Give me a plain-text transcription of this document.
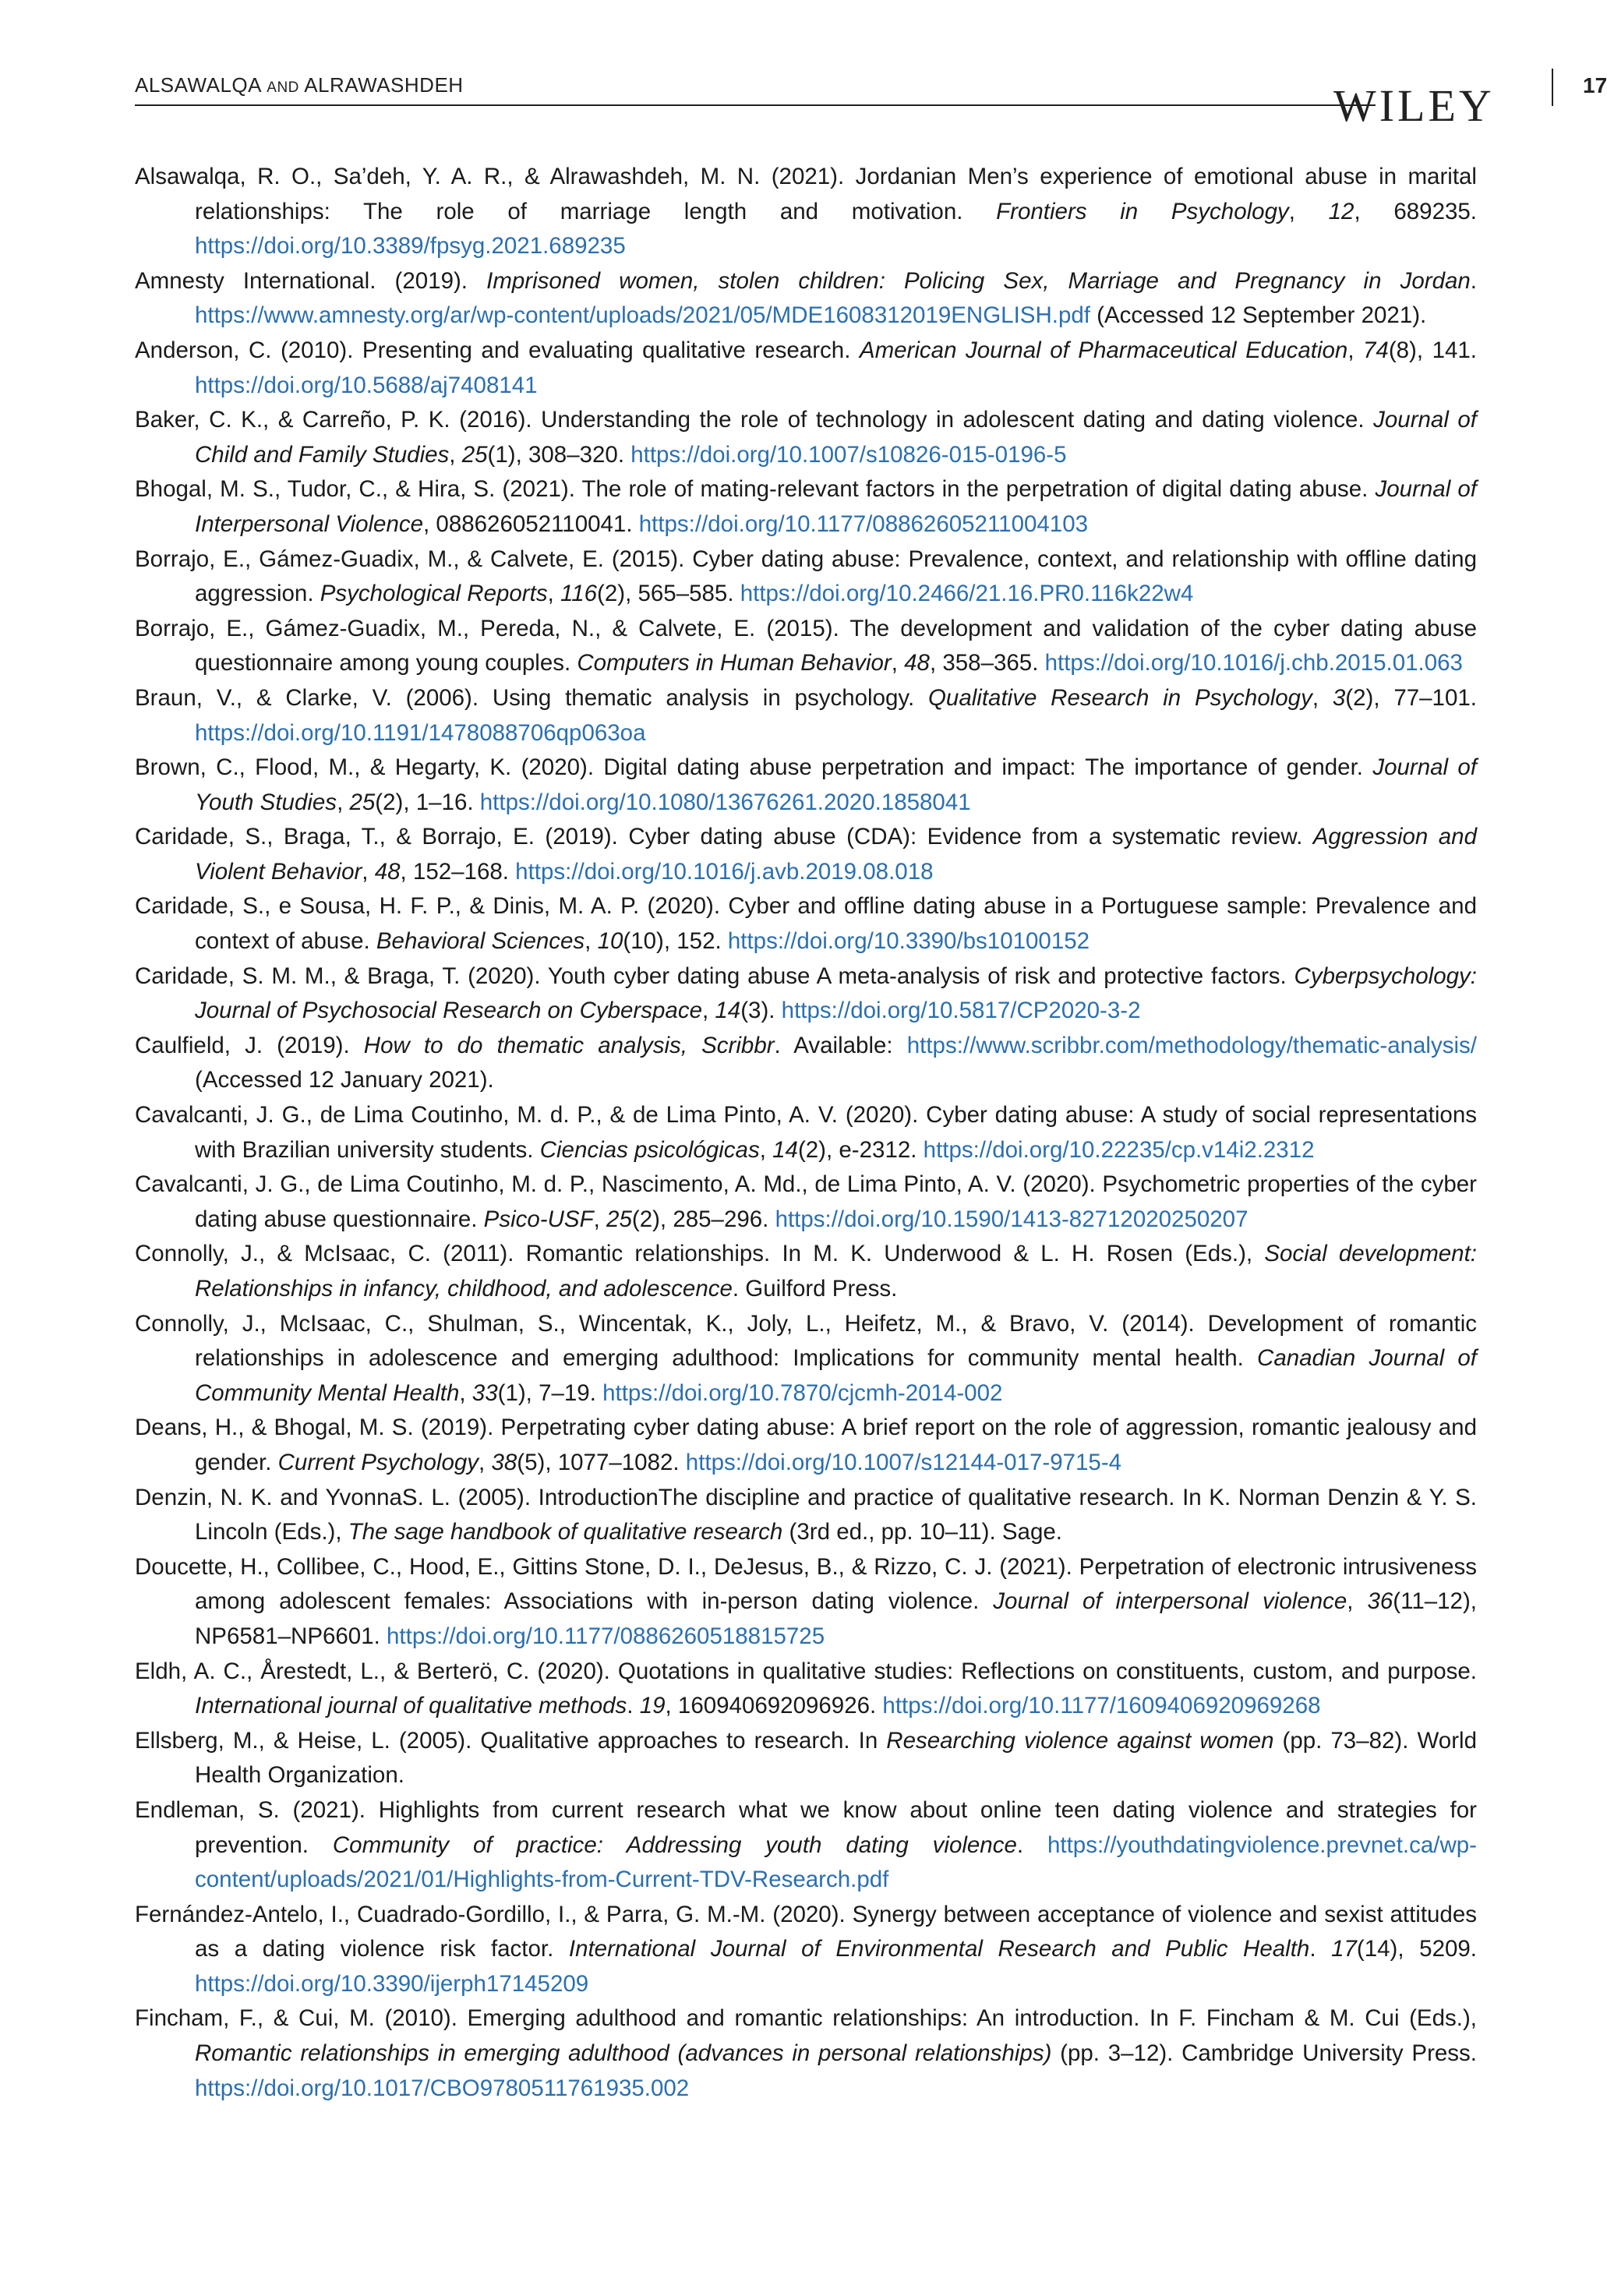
ALSAWALQA AND ALRAWASHDEH	WILEY	17
Alsawalqa, R. O., Sa’deh, Y. A. R., & Alrawashdeh, M. N. (2021). Jordanian Men’s experience of emotional abuse in marital relationships: The role of marriage length and motivation. Frontiers in Psychology, 12, 689235. https://doi.org/10.3389/fpsyg.2021.689235
Amnesty International. (2019). Imprisoned women, stolen children: Policing Sex, Marriage and Pregnancy in Jordan. https://www.amnesty.org/ar/wp-content/uploads/2021/05/MDE1608312019ENGLISH.pdf (Accessed 12 September 2021).
Anderson, C. (2010). Presenting and evaluating qualitative research. American Journal of Pharmaceutical Education, 74(8), 141. https://doi.org/10.5688/aj7408141
Baker, C. K., & Carreño, P. K. (2016). Understanding the role of technology in adolescent dating and dating violence. Journal of Child and Family Studies, 25(1), 308–320. https://doi.org/10.1007/s10826-015-0196-5
Bhogal, M. S., Tudor, C., & Hira, S. (2021). The role of mating-relevant factors in the perpetration of digital dating abuse. Journal of Interpersonal Violence, 088626052110041. https://doi.org/10.1177/08862605211004103
Borrajo, E., Gámez-Guadix, M., & Calvete, E. (2015). Cyber dating abuse: Prevalence, context, and relationship with offline dating aggression. Psychological Reports, 116(2), 565–585. https://doi.org/10.2466/21.16.PR0.116k22w4
Borrajo, E., Gámez-Guadix, M., Pereda, N., & Calvete, E. (2015). The development and validation of the cyber dating abuse questionnaire among young couples. Computers in Human Behavior, 48, 358–365. https://doi.org/10.1016/j.chb.2015.01.063
Braun, V., & Clarke, V. (2006). Using thematic analysis in psychology. Qualitative Research in Psychology, 3(2), 77–101. https://doi.org/10.1191/1478088706qp063oa
Brown, C., Flood, M., & Hegarty, K. (2020). Digital dating abuse perpetration and impact: The importance of gender. Journal of Youth Studies, 25(2), 1–16. https://doi.org/10.1080/13676261.2020.1858041
Caridade, S., Braga, T., & Borrajo, E. (2019). Cyber dating abuse (CDA): Evidence from a systematic review. Aggression and Violent Behavior, 48, 152–168. https://doi.org/10.1016/j.avb.2019.08.018
Caridade, S., e Sousa, H. F. P., & Dinis, M. A. P. (2020). Cyber and offline dating abuse in a Portuguese sample: Prevalence and context of abuse. Behavioral Sciences, 10(10), 152. https://doi.org/10.3390/bs10100152
Caridade, S. M. M., & Braga, T. (2020). Youth cyber dating abuse A meta-analysis of risk and protective factors. Cyberpsychology: Journal of Psychosocial Research on Cyberspace, 14(3). https://doi.org/10.5817/CP2020-3-2
Caulfield, J. (2019). How to do thematic analysis, Scribbr. Available: https://www.scribbr.com/methodology/thematic-analysis/ (Accessed 12 January 2021).
Cavalcanti, J. G., de Lima Coutinho, M. d. P., & de Lima Pinto, A. V. (2020). Cyber dating abuse: A study of social representations with Brazilian university students. Ciencias psicológicas, 14(2), e-2312. https://doi.org/10.22235/cp.v14i2.2312
Cavalcanti, J. G., de Lima Coutinho, M. d. P., Nascimento, A. Md., de Lima Pinto, A. V. (2020). Psychometric properties of the cyber dating abuse questionnaire. Psico-USF, 25(2), 285–296. https://doi.org/10.1590/1413-82712020250207
Connolly, J., & McIsaac, C. (2011). Romantic relationships. In M. K. Underwood & L. H. Rosen (Eds.), Social development: Relationships in infancy, childhood, and adolescence. Guilford Press.
Connolly, J., McIsaac, C., Shulman, S., Wincentak, K., Joly, L., Heifetz, M., & Bravo, V. (2014). Development of romantic relationships in adolescence and emerging adulthood: Implications for community mental health. Canadian Journal of Community Mental Health, 33(1), 7–19. https://doi.org/10.7870/cjcmh-2014-002
Deans, H., & Bhogal, M. S. (2019). Perpetrating cyber dating abuse: A brief report on the role of aggression, romantic jealousy and gender. Current Psychology, 38(5), 1077–1082. https://doi.org/10.1007/s12144-017-9715-4
Denzin, N. K. and YvonnaS. L. (2005). IntroductionThe discipline and practice of qualitative research. In K. Norman Denzin & Y. S. Lincoln (Eds.), The sage handbook of qualitative research (3rd ed., pp. 10–11). Sage.
Doucette, H., Collibee, C., Hood, E., Gittins Stone, D. I., DeJesus, B., & Rizzo, C. J. (2021). Perpetration of electronic intrusiveness among adolescent females: Associations with in-person dating violence. Journal of interpersonal violence, 36(11–12), NP6581–NP6601. https://doi.org/10.1177/0886260518815725
Eldh, A. C., Årestedt, L., & Berterö, C. (2020). Quotations in qualitative studies: Reflections on constituents, custom, and purpose. International journal of qualitative methods. 19, 160940692096926. https://doi.org/10.1177/1609406920969268
Ellsberg, M., & Heise, L. (2005). Qualitative approaches to research. In Researching violence against women (pp. 73–82). World Health Organization.
Endleman, S. (2021). Highlights from current research what we know about online teen dating violence and strategies for prevention. Community of practice: Addressing youth dating violence. https://youthdatingviolence.prevnet.ca/wp-content/uploads/2021/01/Highlights-from-Current-TDV-Research.pdf
Fernández-Antelo, I., Cuadrado-Gordillo, I., & Parra, G. M.-M. (2020). Synergy between acceptance of violence and sexist attitudes as a dating violence risk factor. International Journal of Environmental Research and Public Health. 17(14), 5209. https://doi.org/10.3390/ijerph17145209
Fincham, F., & Cui, M. (2010). Emerging adulthood and romantic relationships: An introduction. In F. Fincham & M. Cui (Eds.), Romantic relationships in emerging adulthood (advances in personal relationships) (pp. 3–12). Cambridge University Press. https://doi.org/10.1017/CBO9780511761935.002
